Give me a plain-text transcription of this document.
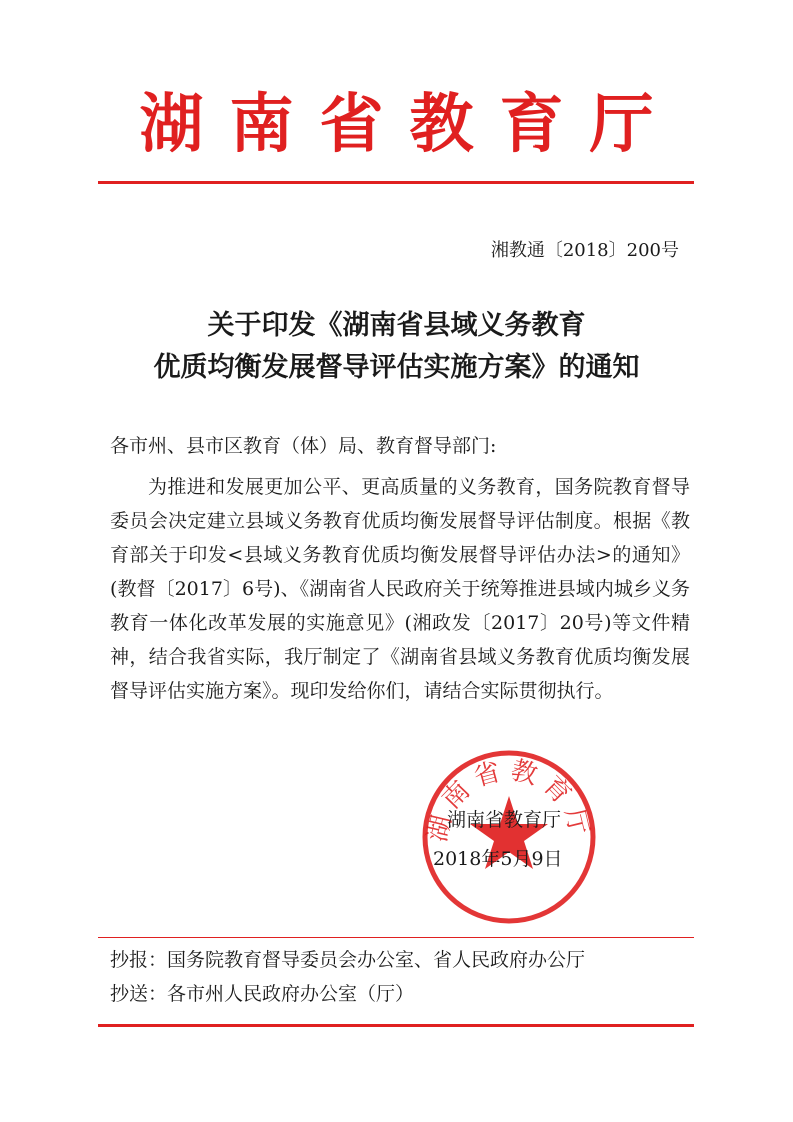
湖南省教育厅
湘教通〔2018〕200号
关于印发《湖南省县域义务教育
优质均衡发展督导评估实施方案》的通知
各市州、县市区教育（体）局、教育督导部门:
为推进和发展更加公平、更高质量的义务教育，国务院教育督导委员会决定建立县域义务教育优质均衡发展督导评估制度。根据《教育部关于印发<县域义务教育优质均衡发展督导评估办法>的通知》(教督〔2017〕6号)、《湖南省人民政府关于统筹推进县域内城乡义务教育一体化改革发展的实施意见》(湘政发〔2017〕20号)等文件精神，结合我省实际，我厅制定了《湖南省县域义务教育优质均衡发展督导评估实施方案》。现印发给你们，请结合实际贯彻执行。
湖南省教育厅
湖南省教育厅
2018年5月9日
抄报：国务院教育督导委员会办公室、省人民政府办公厅
抄送：各市州人民政府办公室（厅）
